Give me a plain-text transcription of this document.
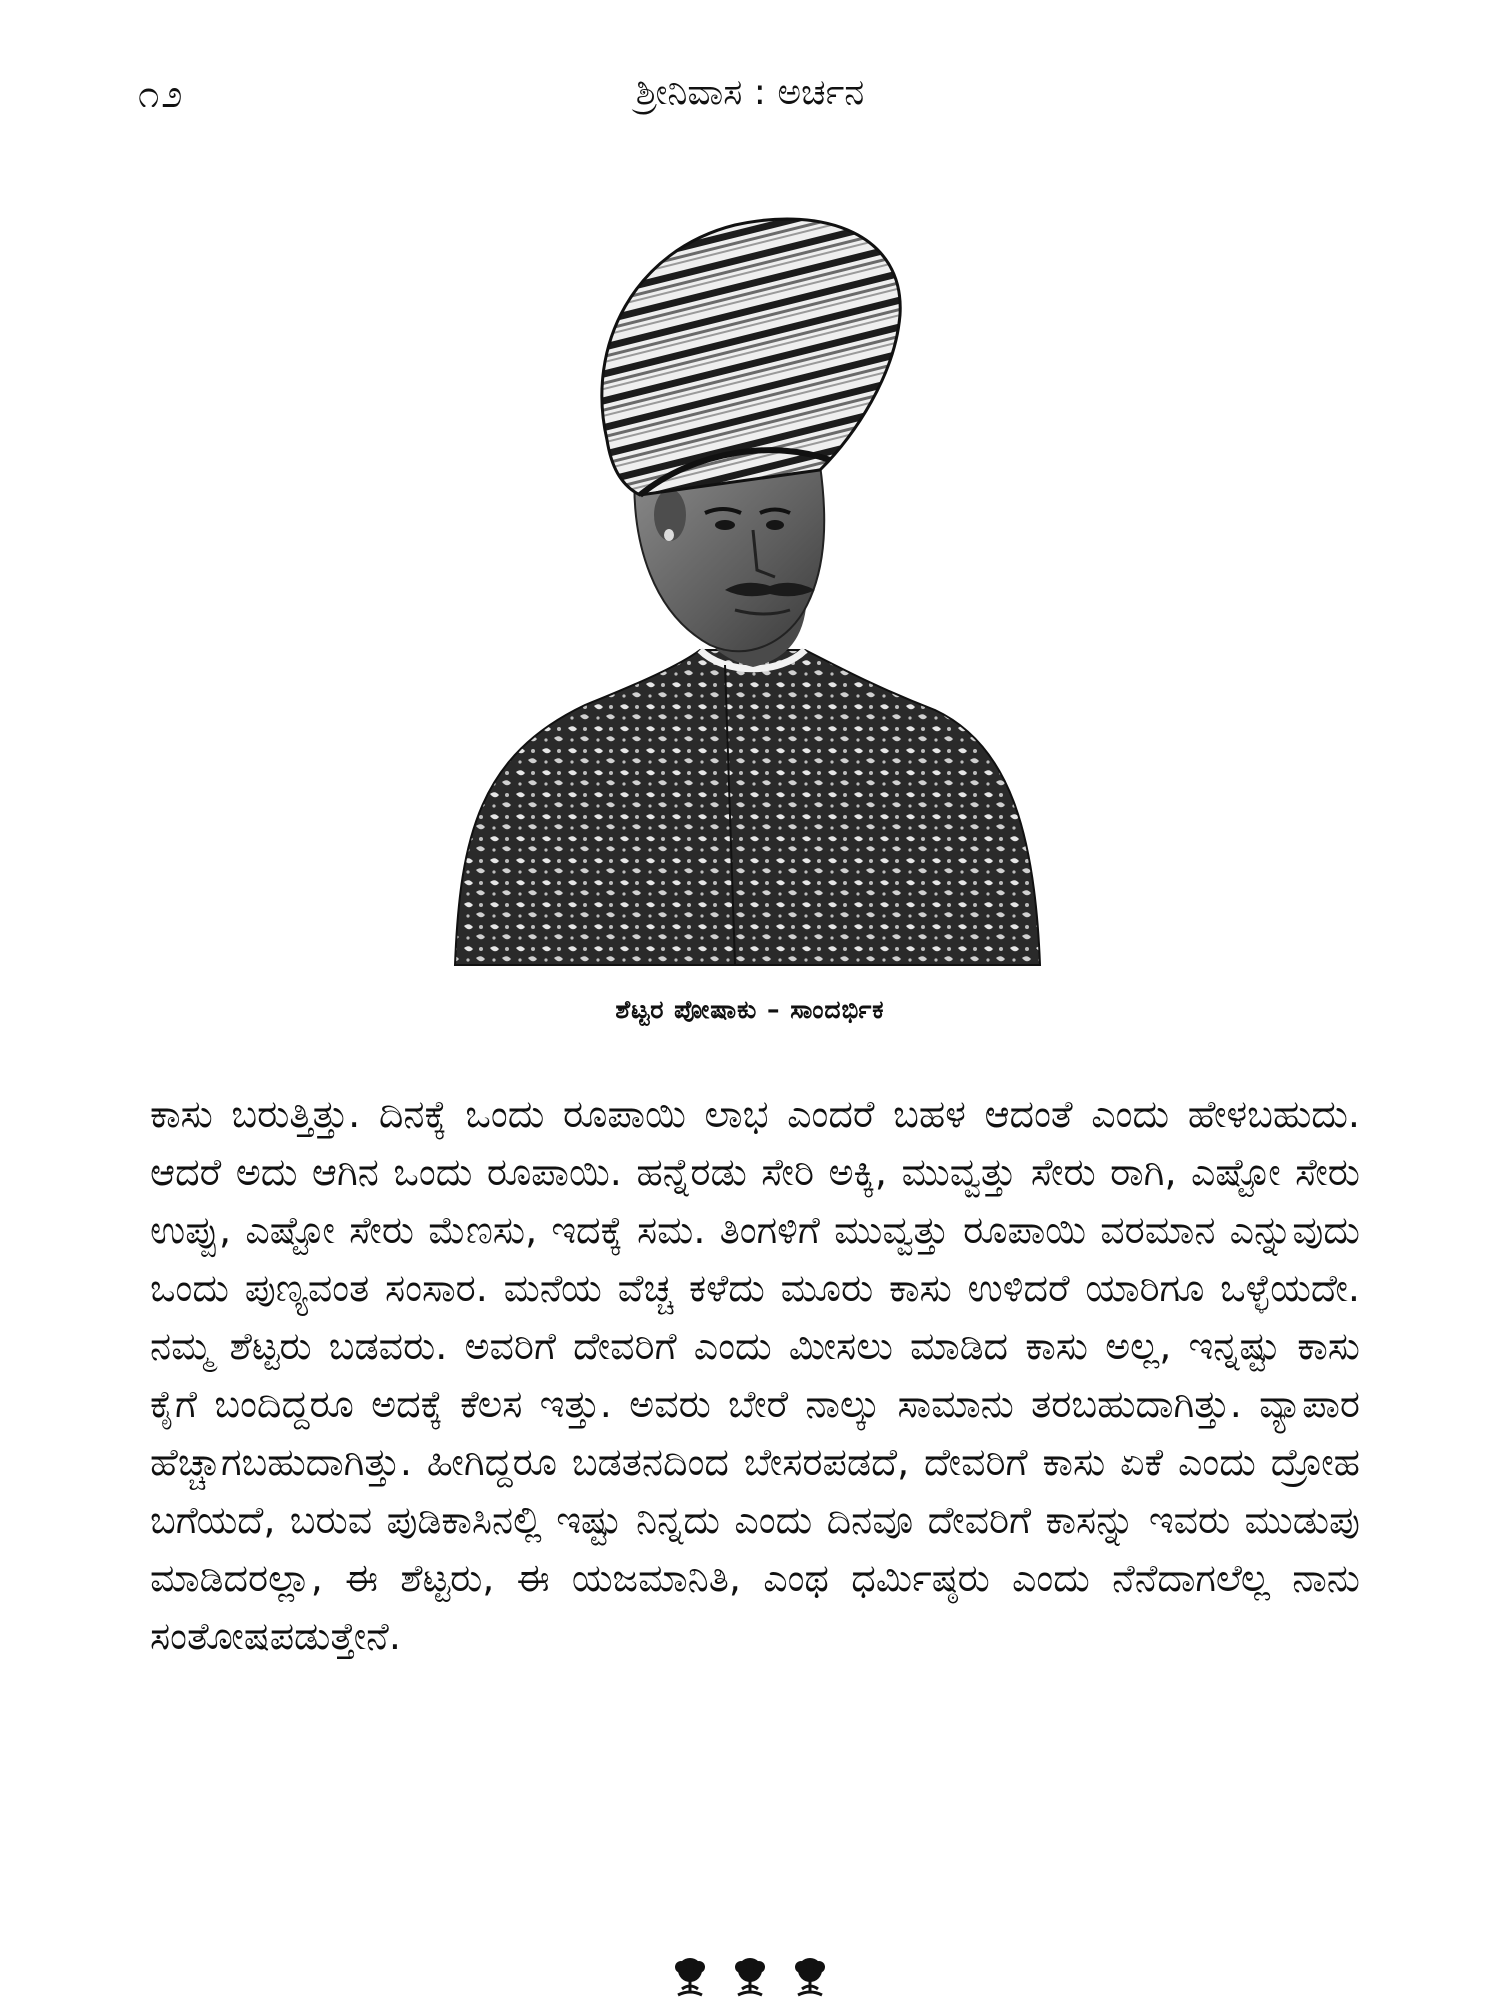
೧೨	ಶ್ರೀನಿವಾಸ : ಅರ್ಚನ
ಶೆಟ್ಟರ ಪೋಷಾಕು – ಸಾಂದರ್ಭಿಕ

ಕಾಸು ಬರುತ್ತಿತ್ತು. ದಿನಕ್ಕೆ ಒಂದು ರೂಪಾಯಿ ಲಾಭ ಎಂದರೆ ಬಹಳ ಆದಂತೆ ಎಂದು ಹೇಳಬಹುದು. ಆದರೆ ಅದು ಆಗಿನ ಒಂದು ರೂಪಾಯಿ. ಹನ್ನೆರಡು ಸೇರಿ ಅಕ್ಕಿ, ಮುವ್ವತ್ತು ಸೇರು ರಾಗಿ, ಎಷ್ಟೋ ಸೇರು ಉಪ್ಪು, ಎಷ್ಟೋ ಸೇರು ಮೆಣಸು, ಇದಕ್ಕೆ ಸಮ. ತಿಂಗಳಿಗೆ ಮುವ್ವತ್ತು ರೂಪಾಯಿ ವರಮಾನ ಎನ್ನುವುದು ಒಂದು ಪುಣ್ಯವಂತ ಸಂಸಾರ. ಮನೆಯ ವೆಚ್ಚ ಕಳೆದು ಮೂರು ಕಾಸು ಉಳಿದರೆ ಯಾರಿಗೂ ಒಳ್ಳೆಯದೇ. ನಮ್ಮ ಶೆಟ್ಟರು ಬಡವರು. ಅವರಿಗೆ ದೇವರಿಗೆ ಎಂದು ಮೀಸಲು ಮಾಡಿದ ಕಾಸು ಅಲ್ಲ, ಇನ್ನಷ್ಟು ಕಾಸು ಕೈಗೆ ಬಂದಿದ್ದರೂ ಅದಕ್ಕೆ ಕೆಲಸ ಇತ್ತು. ಅವರು ಬೇರೆ ನಾಲ್ಕು ಸಾಮಾನು ತರಬಹುದಾಗಿತ್ತು. ವ್ಯಾಪಾರ ಹೆಚ್ಚಾಗಬಹುದಾಗಿತ್ತು. ಹೀಗಿದ್ದರೂ ಬಡತನದಿಂದ ಬೇಸರಪಡದೆ, ದೇವರಿಗೆ ಕಾಸು ಏಕೆ ಎಂದು ದ್ರೋಹ ಬಗೆಯದೆ, ಬರುವ ಪುಡಿಕಾಸಿನಲ್ಲಿ ಇಷ್ಟು ನಿನ್ನದು ಎಂದು ದಿನವೂ ದೇವರಿಗೆ ಕಾಸನ್ನು ಇವರು ಮುಡುಪು ಮಾಡಿದರಲ್ಲಾ, ಈ ಶೆಟ್ಟರು, ಈ ಯಜಮಾನಿತಿ, ಎಂಥ ಧರ್ಮಿಷ್ಠರು ಎಂದು ನೆನೆದಾಗಲೆಲ್ಲ ನಾನು ಸಂತೋಷಪಡುತ್ತೇನೆ.
